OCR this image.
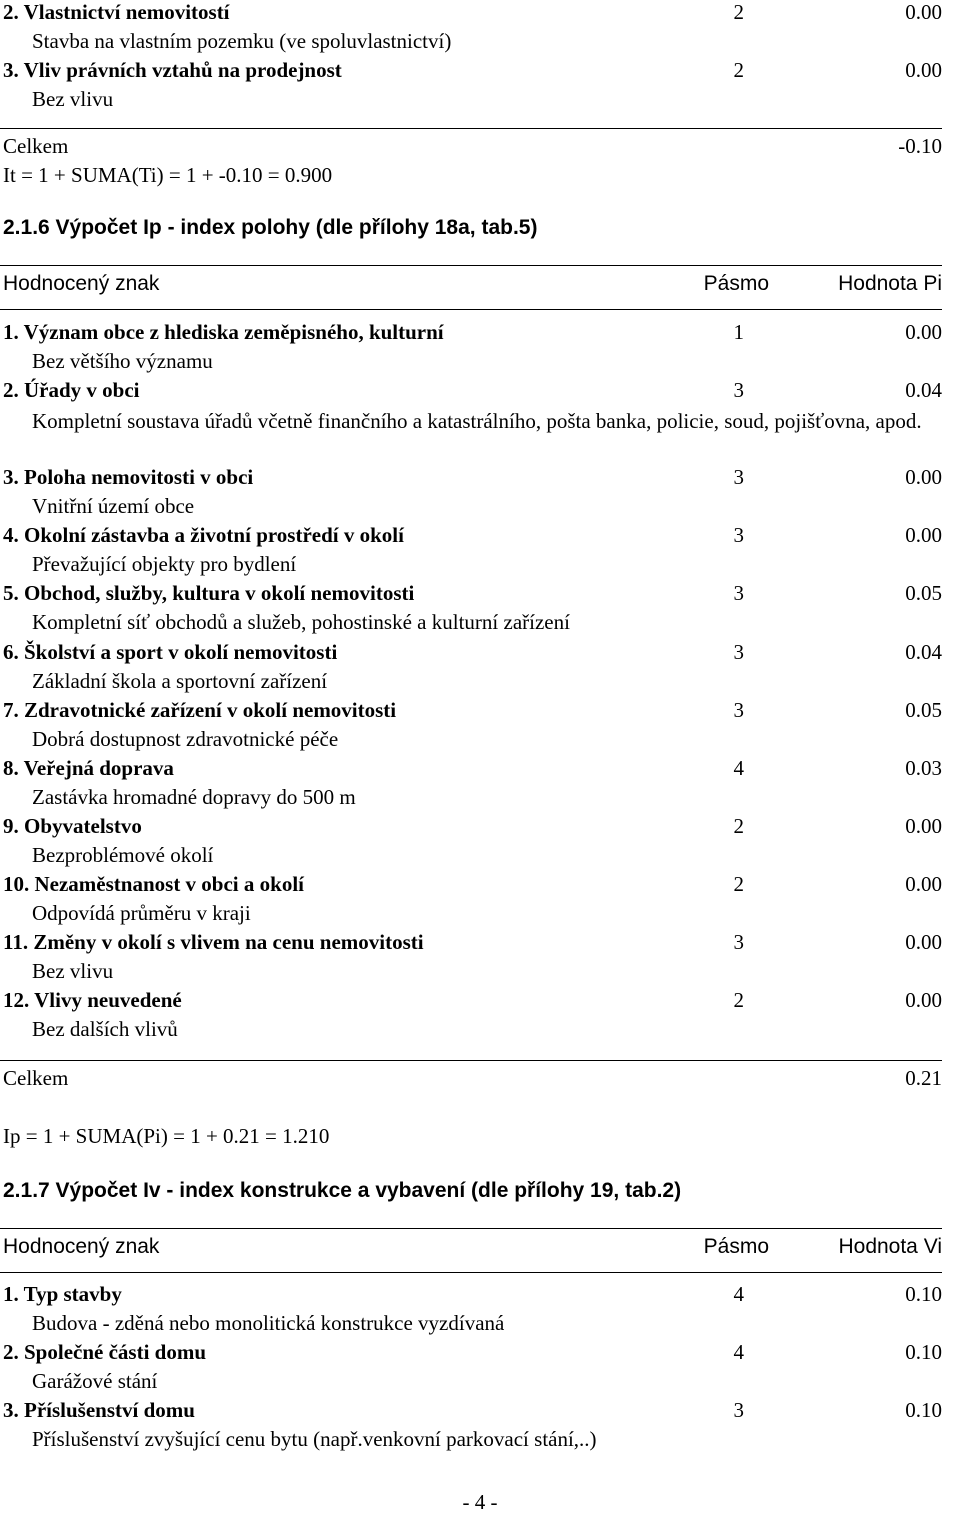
2. Vlastnictví nemovitostí	2	0.00
Stavba na vlastním pozemku (ve spoluvlastnictví)
3. Vliv právních vztahů na prodejnost	2	0.00
Bez vlivu
Celkem	-0.10
It = 1 + SUMA(Ti) = 1 + -0.10 = 0.900
2.1.6 Výpočet Ip - index polohy (dle přílohy 18a, tab.5)
Hodnocený znak	Pásmo	Hodnota Pi
1. Význam obce z hlediska zeměpisného, kulturní	1	0.00
Bez většího významu
2. Úřady v obci	3	0.04
Kompletní soustava úřadů včetně finančního a katastrálního, pošta banka, policie, soud, pojišťovna, apod.
3. Poloha nemovitosti v obci	3	0.00
Vnitřní území obce
4. Okolní zástavba a životní prostředí v okolí	3	0.00
Převažující objekty pro bydlení
5. Obchod, služby, kultura v okolí nemovitosti	3	0.05
Kompletní síť obchodů a služeb, pohostinské a kulturní zařízení
6. Školství a sport v okolí nemovitosti	3	0.04
Základní škola a sportovní zařízení
7. Zdravotnické zařízení v okolí nemovitosti	3	0.05
Dobrá dostupnost zdravotnické péče
8. Veřejná doprava	4	0.03
Zastávka hromadné dopravy do 500 m
9. Obyvatelstvo	2	0.00
Bezproblémové okolí
10. Nezaměstnanost v obci a okolí	2	0.00
Odpovídá průměru v kraji
11. Změny v okolí s vlivem na cenu nemovitosti	3	0.00
Bez vlivu
12. Vlivy neuvedené	2	0.00
Bez dalších vlivů
Celkem	0.21
Ip = 1 + SUMA(Pi) = 1 + 0.21 = 1.210
2.1.7 Výpočet Iv - index konstrukce a vybavení (dle přílohy 19, tab.2)
Hodnocený znak	Pásmo	Hodnota Vi
1. Typ stavby	4	0.10
Budova - zděná nebo monolitická konstrukce vyzdívaná
2. Společné části domu	4	0.10
Garážové stání
3. Příslušenství domu	3	0.10
Příslušenství zvyšující cenu bytu (např.venkovní parkovací stání,..)
- 4 -
